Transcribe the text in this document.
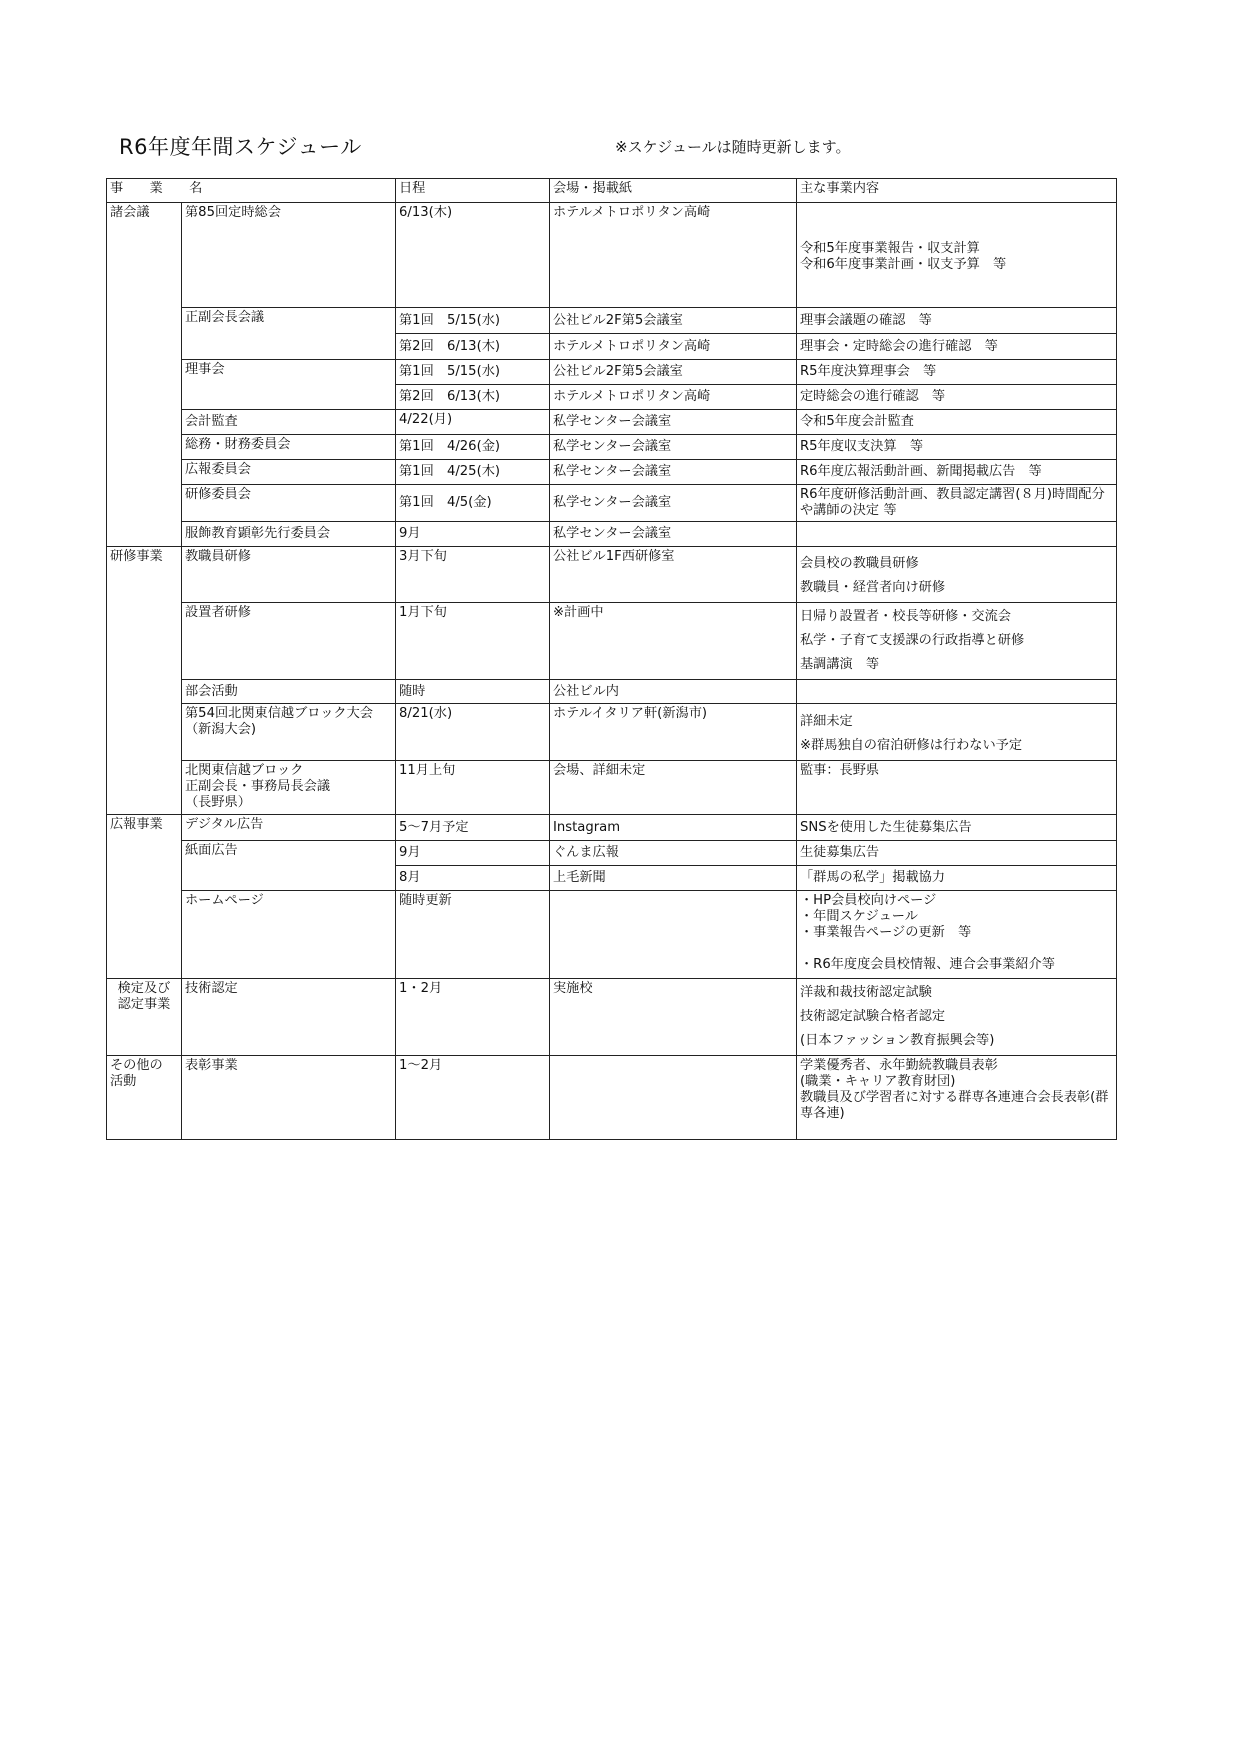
R6年度年間スケジュール	※スケジュールは随時更新します。
事　　業　　名		日程	会場・掲載紙	主な事業内容
諸会議	第85回定時総会	6/13(木)	ホテルメトロポリタン高崎	令和5年度事業報告・収支計算
令和6年度事業計画・収支予算　等

	正副会長会議	第1回　5/15(水)	公社ビル2F第5会議室	理事会議題の確認　等
		第2回　6/13(木)	ホテルメトロポリタン高崎	理事会・定時総会の進行確認　等
	理事会	第1回　5/15(水)	公社ビル2F第5会議室	R5年度決算理事会　等
		第2回　6/13(木)	ホテルメトロポリタン高崎	定時総会の進行確認　等
	会計監査	4/22(月)	私学センター会議室	令和5年度会計監査
	総務・財務委員会	第1回　4/26(金)	私学センター会議室	R5年度収支決算　等
	広報委員会	第1回　4/25(木)	私学センター会議室	R6年度広報活動計画、新聞掲載広告　等
	研修委員会	第1回　4/5(金)	私学センター会議室	R6年度研修活動計画、教員認定講習(８月)時間配分や講師の決定 等
	服飾教育顕彰先行委員会	9月	私学センター会議室	
研修事業	教職員研修	3月下旬	公社ビル1F西研修室	会員校の教職員研修
教職員・経営者向け研修
	設置者研修	1月下旬	※計画中	日帰り設置者・校長等研修・交流会
私学・子育て支援課の行政指導と研修
基調講演　等
	部会活動	随時	公社ビル内	
	第54回北関東信越ブロック大会（新潟大会)	8/21(水)	ホテルイタリア軒(新潟市)	詳細未定
※群馬独自の宿泊研修は行わない予定
	北関東信越ブロック
正副会長・事務局長会議
（長野県）	11月上旬	会場、詳細未定	監事：長野県
広報事業	デジタル広告	5～7月予定	Instagram	SNSを使用した生徒募集広告
	紙面広告	9月	ぐんま広報	生徒募集広告
		8月	上毛新聞	「群馬の私学」掲載協力
	ホームページ	随時更新		・HP会員校向けページ
・年間スケジュール
・事業報告ページの更新　等

・R6年度度会員校情報、連合会事業紹介等
検定及び
認定事業	技術認定	1・2月	実施校	洋裁和裁技術認定試験
技術認定試験合格者認定
(日本ファッション教育振興会等)
その他の
活動	表彰事業	1～2月		学業優秀者、永年勤続教職員表彰
(職業・キャリア教育財団)
教職員及び学習者に対する群専各連連合会長表彰(群専各連)
